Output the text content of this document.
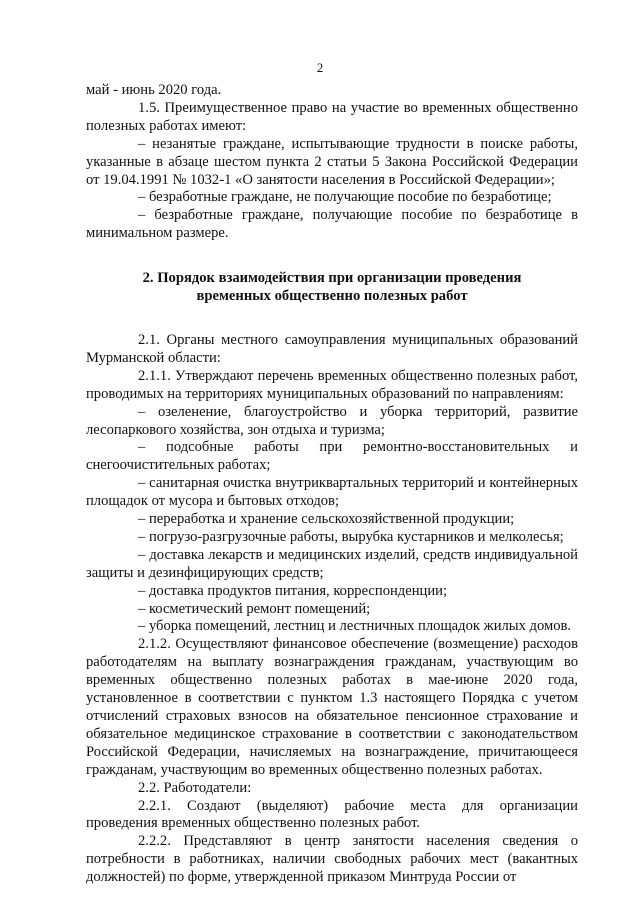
2

май - июнь 2020 года.

1.5. Преимущественное право на участие во временных общественно полезных работах имеют:

– незанятые граждане, испытывающие трудности в поиске работы, указанные в абзаце шестом пункта 2 статьи 5 Закона Российской Федерации от 19.04.1991 № 1032-1 «О занятости населения в Российской Федерации»;

– безработные граждане, не получающие пособие по безработице;

– безработные граждане, получающие пособие по безработице в минимальном размере.

2. Порядок взаимодействия при организации проведения временных общественно полезных работ

2.1. Органы местного самоуправления муниципальных образований Мурманской области:

2.1.1. Утверждают перечень временных общественно полезных работ, проводимых на территориях муниципальных образований по направлениям:

– озеленение, благоустройство и уборка территорий, развитие лесопаркового хозяйства, зон отдыха и туризма;

– подсобные работы при ремонтно-восстановительных и снегоочистительных работах;

– санитарная очистка внутриквартальных территорий и контейнерных площадок от мусора и бытовых отходов;

– переработка и хранение сельскохозяйственной продукции;

– погрузо-разгрузочные работы, вырубка кустарников и мелколесья;

– доставка лекарств и медицинских изделий, средств индивидуальной защиты и дезинфицирующих средств;

– доставка продуктов питания, корреспонденции;

– косметический ремонт помещений;

– уборка помещений, лестниц и лестничных площадок жилых домов.

2.1.2. Осуществляют финансовое обеспечение (возмещение) расходов работодателям на выплату вознаграждения гражданам, участвующим во временных общественно полезных работах в мае-июне 2020 года, установленное в соответствии с пунктом 1.3 настоящего Порядка с учетом отчислений страховых взносов на обязательное пенсионное страхование и обязательное медицинское страхование в соответствии с законодательством Российской Федерации, начисляемых на вознаграждение, причитающееся гражданам, участвующим во временных общественно полезных работах.

2.2. Работодатели:

2.2.1. Создают (выделяют) рабочие места для организации проведения временных общественно полезных работ.

2.2.2. Представляют в центр занятости населения сведения о потребности в работниках, наличии свободных рабочих мест (вакантных должностей) по форме, утвержденной приказом Минтруда России от
